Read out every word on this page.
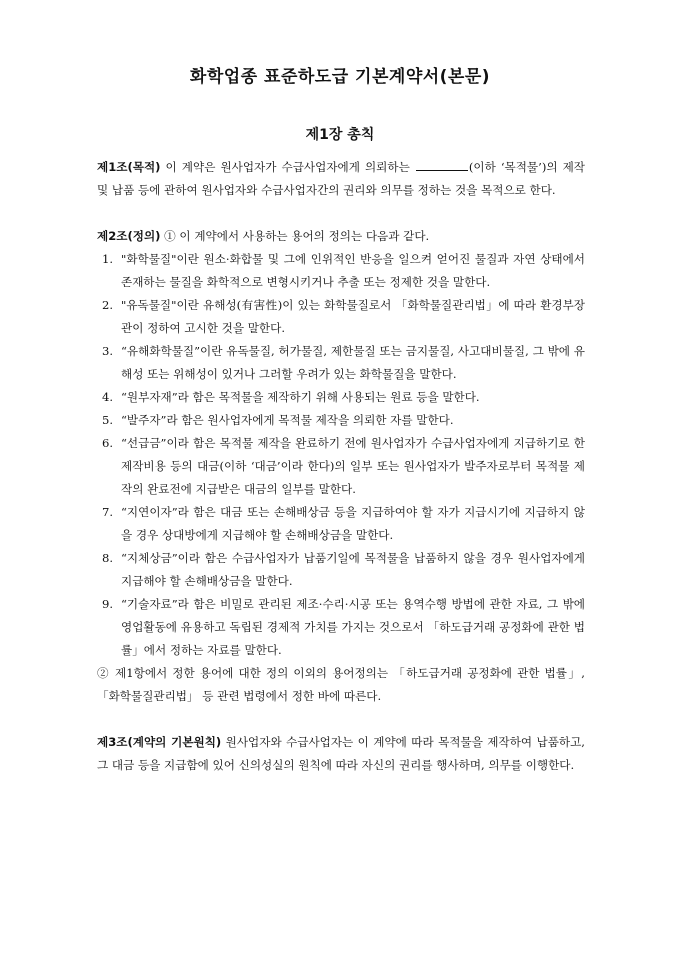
화학업종 표준하도급 기본계약서(본문)
제1장 총칙

제1조(목적) 이 계약은 원사업자가 수급사업자에게 의뢰하는	(이하 ‘목적물’)의 제작 및 납품 등에 관하여 원사업자와 수급사업자간의 권리와 의무를 정하는 것을 목적으로 한다.

제2조(정의) ① 이 계약에서 사용하는 용어의 정의는 다음과 같다.

1. "화학물질"이란 원소·화합물 및 그에 인위적인 반응을 일으켜 얻어진 물질과 자연 상태에서 존재하는 물질을 화학적으로 변형시키거나 추출 또는 정제한 것을 말한다.
2. "유독물질"이란 유해성(有害性)이 있는 화학물질로서 「화학물질관리법」에 따라 환경부장관이 정하여 고시한 것을 말한다.
3. “유해화학물질”이란 유독물질, 허가물질, 제한물질 또는 금지물질, 사고대비물질, 그 밖에 유해성 또는 위해성이 있거나 그러할 우려가 있는 화학물질을 말한다.
4. “원부자재”라 함은 목적물을 제작하기 위해 사용되는 원료 등을 말한다.
5. “발주자”라 함은 원사업자에게 목적물 제작을 의뢰한 자를 말한다.
6. “선급금”이라 함은 목적물 제작을 완료하기 전에 원사업자가 수급사업자에게 지급하기로 한 제작비용 등의 대금(이하 ‘대금’이라 한다)의 일부 또는 원사업자가 발주자로부터 목적물 제작의 완료전에 지급받은 대금의 일부를 말한다.
7. “지연이자”라 함은 대금 또는 손해배상금 등을 지급하여야 할 자가 지급시기에 지급하지 않을 경우 상대방에게 지급해야 할 손해배상금을 말한다.
8. “지체상금”이라 함은 수급사업자가 납품기일에 목적물을 납품하지 않을 경우 원사업자에게 지급해야 할 손해배상금을 말한다.
9. “기술자료”라 함은 비밀로 관리된 제조·수리·시공 또는 용역수행 방법에 관한 자료, 그 밖에 영업활동에 유용하고 독립된 경제적 가치를 가지는 것으로서 「하도급거래 공정화에 관한 법률」에서 정하는 자료를 말한다.

② 제1항에서 정한 용어에 대한 정의 이외의 용어정의는 「하도급거래 공정화에 관한 법률」, 「화학물질관리법」 등 관련 법령에서 정한 바에 따른다.

제3조(계약의 기본원칙) 원사업자와 수급사업자는 이 계약에 따라 목적물을 제작하여 납품하고, 그 대금 등을 지급함에 있어 신의성실의 원칙에 따라 자신의 권리를 행사하며, 의무를 이행한다.
